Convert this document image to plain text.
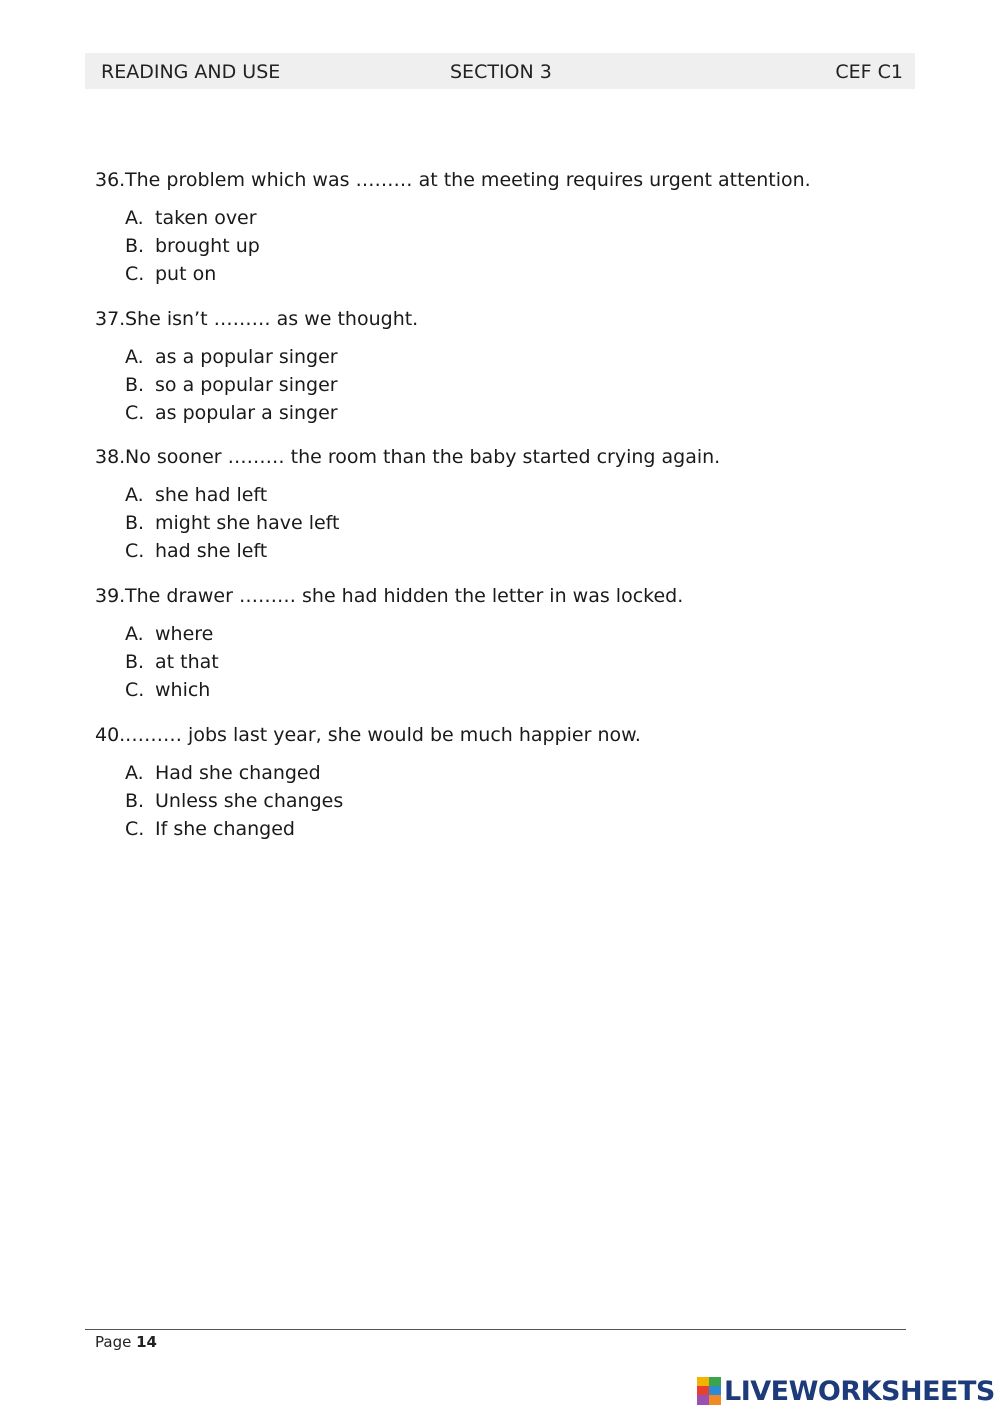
READING AND USE	SECTION 3	CEF C1
36.The problem which was ……… at the meeting requires urgent attention.
A. taken over
B. brought up
C. put on
37.She isn’t ……… as we thought.
A. as a popular singer
B. so a popular singer
C. as popular a singer
38.No sooner ……… the room than the baby started crying again.
A. she had left
B. might she have left
C. had she left
39.The drawer ……… she had hidden the letter in was locked.
A. where
B. at that
C. which
40.……… jobs last year, she would be much happier now.
A. Had she changed
B. Unless she changes
C. If she changed
Page 14
LIVEWORKSHEETS
